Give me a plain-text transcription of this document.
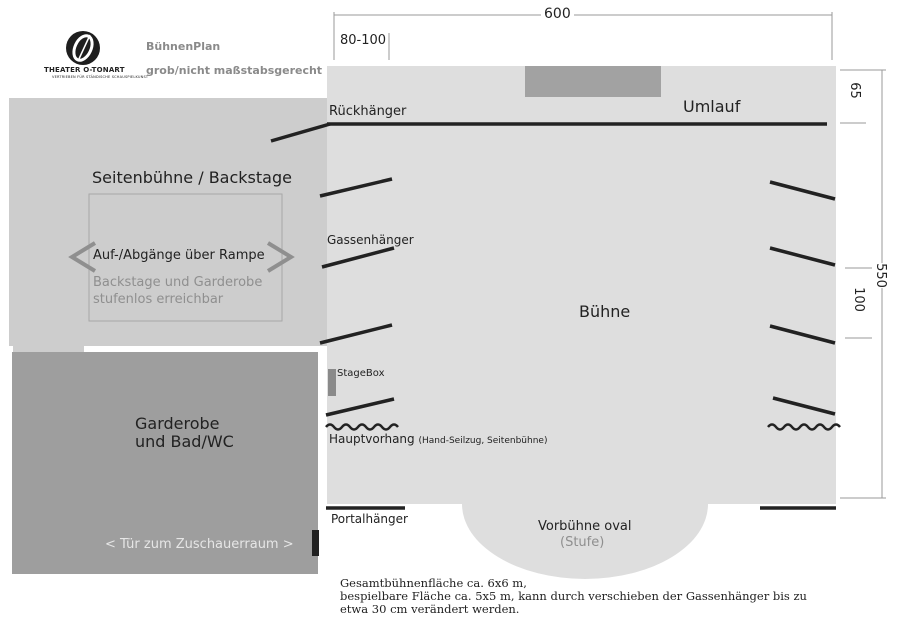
THEATER O-TONART
VERTRIEBEN FÜR STÄNDISCHE SCHAUSPIELKUNST
BühnenPlan
grob/nicht maßstabsgerecht
600
80-100
550
65
100
Seitenbühne / Backstage
Auf-/Abgänge über Rampe
Backstage und Garderobe
stufenlos erreichbar
Garderobe
und Bad/WC
< Tür zum Zuschauerraum >
Umlauf
Bühne
Rückhänger
Gassenhänger
StageBox
Hauptvorhang (Hand-Seilzug, Seitenbühne)
Portalhänger	Vorbühne oval
(Stufe)
Gesamtbühnenfläche ca. 6x6 m,
bespielbare Fläche ca. 5x5 m, kann durch verschieben der Gassenhänger bis zu
etwa 30 cm verändert werden.
